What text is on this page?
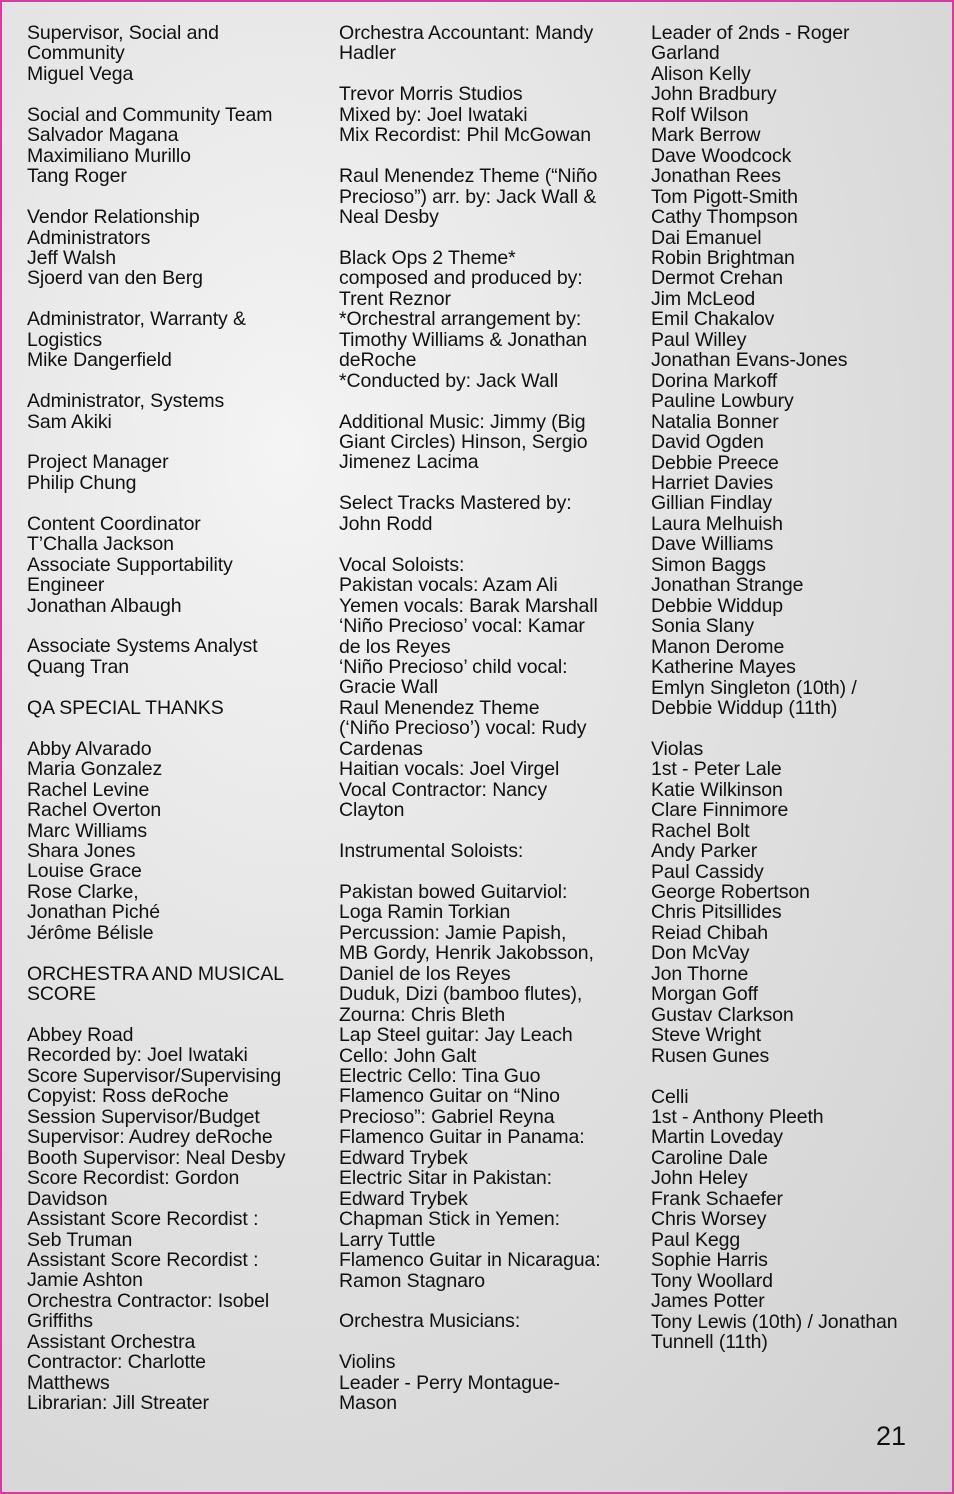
Supervisor, Social and
Community
Miguel Vega
Social and Community Team
Salvador Magana
Maximiliano Murillo
Tang Roger
Vendor Relationship
Administrators
Jeff Walsh
Sjoerd van den Berg
Administrator, Warranty &
Logistics
Mike Dangerfield
Administrator, Systems
Sam Akiki
Project Manager
Philip Chung
Content Coordinator
T’Challa Jackson
Associate Supportability
Engineer
Jonathan Albaugh
Associate Systems Analyst
Quang Tran
QA SPECIAL THANKS
Abby Alvarado
Maria Gonzalez
Rachel Levine
Rachel Overton
Marc Williams
Shara Jones
Louise Grace
Rose Clarke,
Jonathan Piché
Jérôme Bélisle
ORCHESTRA AND MUSICAL
SCORE
Abbey Road
Recorded by: Joel Iwataki
Score Supervisor/Supervising
Copyist: Ross deRoche
Session Supervisor/Budget
Supervisor: Audrey deRoche
Booth Supervisor: Neal Desby
Score Recordist: Gordon
Davidson
Assistant Score Recordist :
Seb Truman
Assistant Score Recordist :
Jamie Ashton
Orchestra Contractor: Isobel
Griffiths
Assistant Orchestra
Contractor: Charlotte
Matthews
Librarian: Jill Streater
Orchestra Accountant: Mandy
Hadler
Trevor Morris Studios
Mixed by: Joel Iwataki
Mix Recordist: Phil McGowan
Raul Menendez Theme (“Niño
Precioso”) arr. by: Jack Wall &
Neal Desby
Black Ops 2 Theme*
composed and produced by:
Trent Reznor
*Orchestral arrangement by:
Timothy Williams & Jonathan
deRoche
*Conducted by: Jack Wall
Additional Music: Jimmy (Big
Giant Circles) Hinson, Sergio
Jimenez Lacima
Select Tracks Mastered by:
John Rodd
Vocal Soloists:
Pakistan vocals: Azam Ali
Yemen vocals: Barak Marshall
‘Niño Precioso’ vocal: Kamar
de los Reyes
‘Niño Precioso’ child vocal:
Gracie Wall
Raul Menendez Theme
(‘Niño Precioso’) vocal: Rudy
Cardenas
Haitian vocals: Joel Virgel
Vocal Contractor: Nancy
Clayton
Instrumental Soloists:
Pakistan bowed Guitarviol:
Loga Ramin Torkian
Percussion: Jamie Papish,
MB Gordy, Henrik Jakobsson,
Daniel de los Reyes
Duduk, Dizi (bamboo flutes),
Zourna: Chris Bleth
Lap Steel guitar: Jay Leach
Cello: John Galt
Electric Cello: Tina Guo
Flamenco Guitar on “Nino
Precioso”: Gabriel Reyna
Flamenco Guitar in Panama:
Edward Trybek
Electric Sitar in Pakistan:
Edward Trybek
Chapman Stick in Yemen:
Larry Tuttle
Flamenco Guitar in Nicaragua:
Ramon Stagnaro
Orchestra Musicians:
Violins
Leader - Perry Montague-
Mason
Leader of 2nds - Roger
Garland
Alison Kelly
John Bradbury
Rolf Wilson
Mark Berrow
Dave Woodcock
Jonathan Rees
Tom Pigott-Smith
Cathy Thompson
Dai Emanuel
Robin Brightman
Dermot Crehan
Jim McLeod
Emil Chakalov
Paul Willey
Jonathan Evans-Jones
Dorina Markoff
Pauline Lowbury
Natalia Bonner
David Ogden
Debbie Preece
Harriet Davies
Gillian Findlay
Laura Melhuish
Dave Williams
Simon Baggs
Jonathan Strange
Debbie Widdup
Sonia Slany
Manon Derome
Katherine Mayes
Emlyn Singleton (10th) /
Debbie Widdup (11th)
Violas
1st - Peter Lale
Katie Wilkinson
Clare Finnimore
Rachel Bolt
Andy Parker
Paul Cassidy
George Robertson
Chris Pitsillides
Reiad Chibah
Don McVay
Jon Thorne
Morgan Goff
Gustav Clarkson
Steve Wright
Rusen Gunes
Celli
1st - Anthony Pleeth
Martin Loveday
Caroline Dale
John Heley
Frank Schaefer
Chris Worsey
Paul Kegg
Sophie Harris
Tony Woollard
James Potter
Tony Lewis (10th) / Jonathan
Tunnell (11th)
21
